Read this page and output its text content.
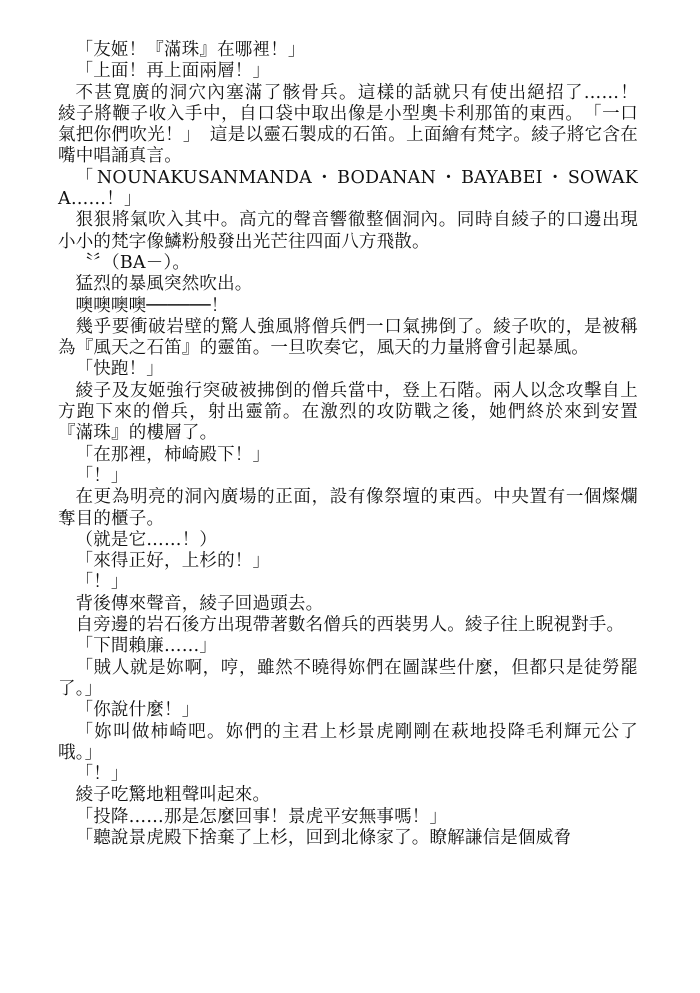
「友姬！『滿珠』在哪裡！」

「上面！再上面兩層！」

不甚寬廣的洞穴內塞滿了骸骨兵。這樣的話就只有使出絕招了……！　綾子將鞭子收入手中，自口袋中取出像是小型奧卡利那笛的東西。　「一口氣把你們吹光！」　這是以靈石製成的石笛。上面繪有梵字。綾子將它含在嘴中唱誦真言。

「NOUNAKUSANMANDA・BODANAN・BAYABEI・SOWAKA……！」

狠狠將氣吹入其中。高亢的聲音響徹整個洞內。同時自綾子的口邊出現小小的梵字像鱗粉般發出光芒往四面八方飛散。

〝〞（BA－）。

猛烈的暴風突然吹出。

噢噢噢噢──────！

幾乎要衝破岩壁的驚人強風將僧兵們一口氣拂倒了。綾子吹的，是被稱為『風天之石笛』的靈笛。一旦吹奏它，風天的力量將會引起暴風。

「快跑！」

綾子及友姬強行突破被拂倒的僧兵當中，登上石階。兩人以念攻擊自上方跑下來的僧兵，射出靈箭。在激烈的攻防戰之後，她們終於來到安置『滿珠』的樓層了。

「在那裡，柿崎殿下！」

「！」

在更為明亮的洞內廣場的正面，設有像祭壇的東西。中央置有一個燦爛奪目的櫃子。

（就是它……！）

「來得正好，上杉的！」

「！」

背後傳來聲音，綾子回過頭去。

自旁邊的岩石後方出現帶著數名僧兵的西裝男人。綾子往上睨視對手。

「下間賴廉……」

「賊人就是妳啊，哼，雖然不曉得妳們在圖謀些什麼，但都只是徒勞罷了。」

「你說什麼！」

「妳叫做柿崎吧。妳們的主君上杉景虎剛剛在萩地投降毛利輝元公了哦。」

「！」

綾子吃驚地粗聲叫起來。

「投降……那是怎麼回事！景虎平安無事嗎！」

「聽說景虎殿下捨棄了上杉，回到北條家了。瞭解謙信是個威脅
